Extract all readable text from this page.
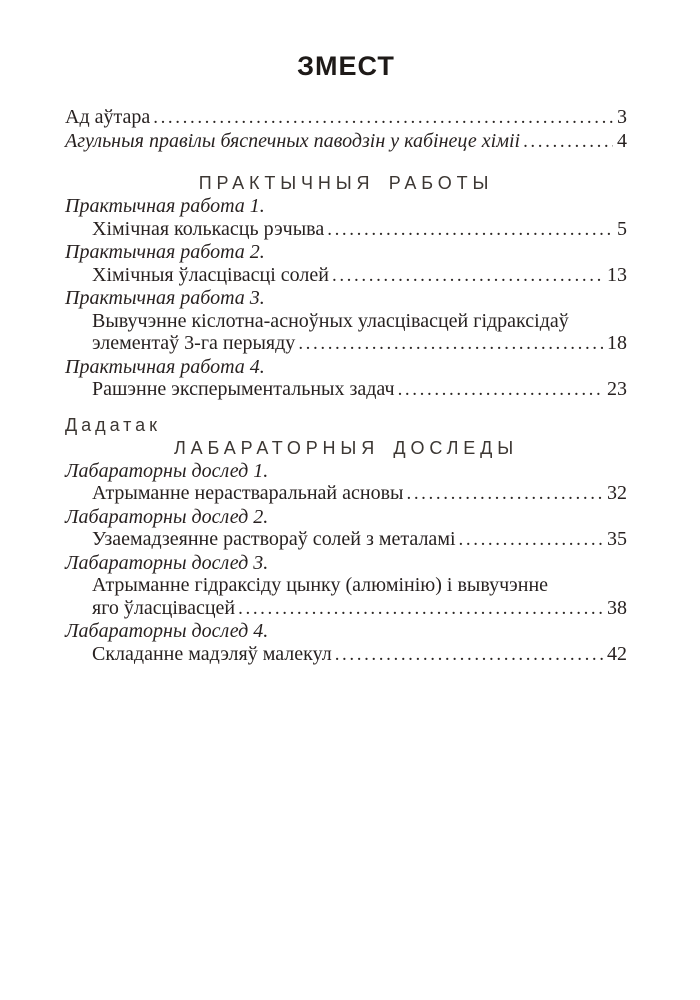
ЗМЕСТ
Ад аўтара .....	3
Агульныя правілы бяспечных паводзін у кабінеце хіміі .....	4
ПРАКТЫЧНЫЯ РАБОТЫ
Практычная работа 1.
Хімічная колькасць рэчыва .....	5
Практычная работа 2.
Хімічныя ўласцівасці солей .....	13
Практычная работа 3.
Вывучэнне кіслотна-асноўных уласцівасцей гідраксідаў
элементаў 3-га перыяду .....	18
Практычная работа 4.
Рашэнне эксперыментальных задач .....	23
Дадатак
ЛАБАРАТОРНЫЯ ДОСЛЕДЫ
Лабараторны дослед 1.
Атрыманне нерастваральнай асновы .....	32
Лабараторны дослед 2.
Узаемадзеянне раствораў солей з металамі .....	35
Лабараторны дослед 3.
Атрыманне гідраксіду цынку (алюмінію) і вывучэнне
яго ўласцівасцей .....	38
Лабараторны дослед 4.
Складанне мадэляў малекул .....	42
